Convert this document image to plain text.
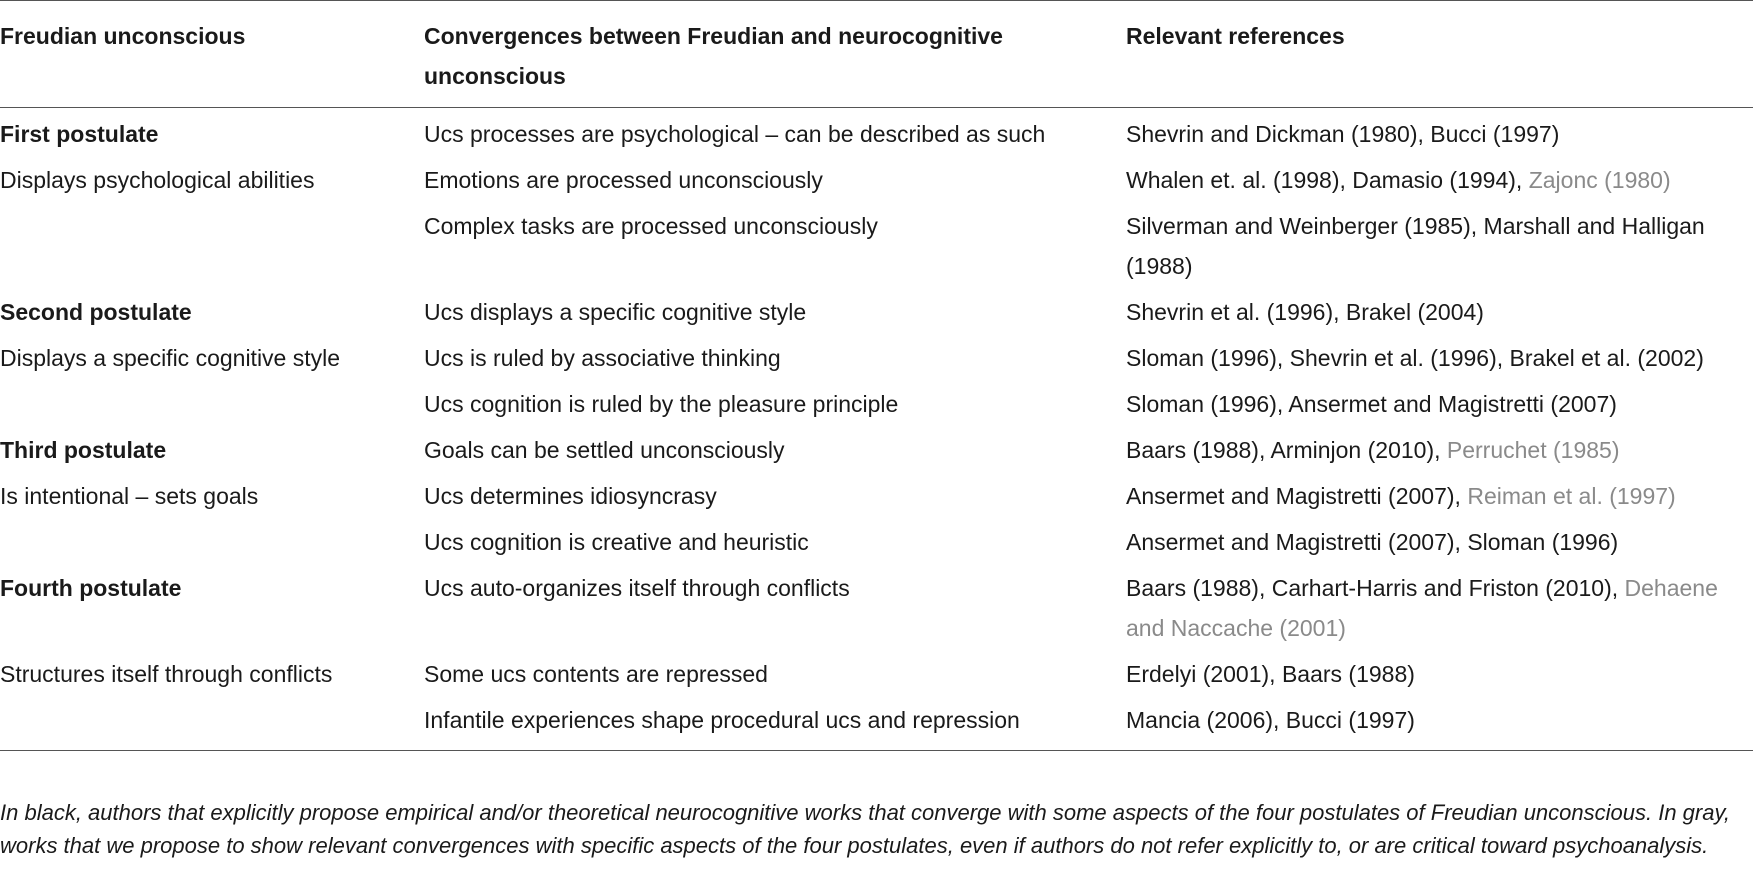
Freudian unconscious	Convergences between Freudian and neurocognitive unconscious	Relevant references
First postulate	Ucs processes are psychological – can be described as such	Shevrin and Dickman (1980), Bucci (1997)
Displays psychological abilities	Emotions are processed unconsciously	Whalen et. al. (1998), Damasio (1994), Zajonc (1980)
	Complex tasks are processed unconsciously	Silverman and Weinberger (1985), Marshall and Halligan (1988)
Second postulate	Ucs displays a specific cognitive style	Shevrin et al. (1996), Brakel (2004)
Displays a specific cognitive style	Ucs is ruled by associative thinking	Sloman (1996), Shevrin et al. (1996), Brakel et al. (2002)
	Ucs cognition is ruled by the pleasure principle	Sloman (1996), Ansermet and Magistretti (2007)
Third postulate	Goals can be settled unconsciously	Baars (1988), Arminjon (2010), Perruchet (1985)
Is intentional – sets goals	Ucs determines idiosyncrasy	Ansermet and Magistretti (2007), Reiman et al. (1997)
	Ucs cognition is creative and heuristic	Ansermet and Magistretti (2007), Sloman (1996)
Fourth postulate	Ucs auto-organizes itself through conflicts	Baars (1988), Carhart-Harris and Friston (2010), Dehaene and Naccache (2001)
Structures itself through conflicts	Some ucs contents are repressed	Erdelyi (2001), Baars (1988)
	Infantile experiences shape procedural ucs and repression	Mancia (2006), Bucci (1997)
In black, authors that explicitly propose empirical and/or theoretical neurocognitive works that converge with some aspects of the four postulates of Freudian unconscious. In gray, works that we propose to show relevant convergences with specific aspects of the four postulates, even if authors do not refer explicitly to, or are critical toward psychoanalysis.
